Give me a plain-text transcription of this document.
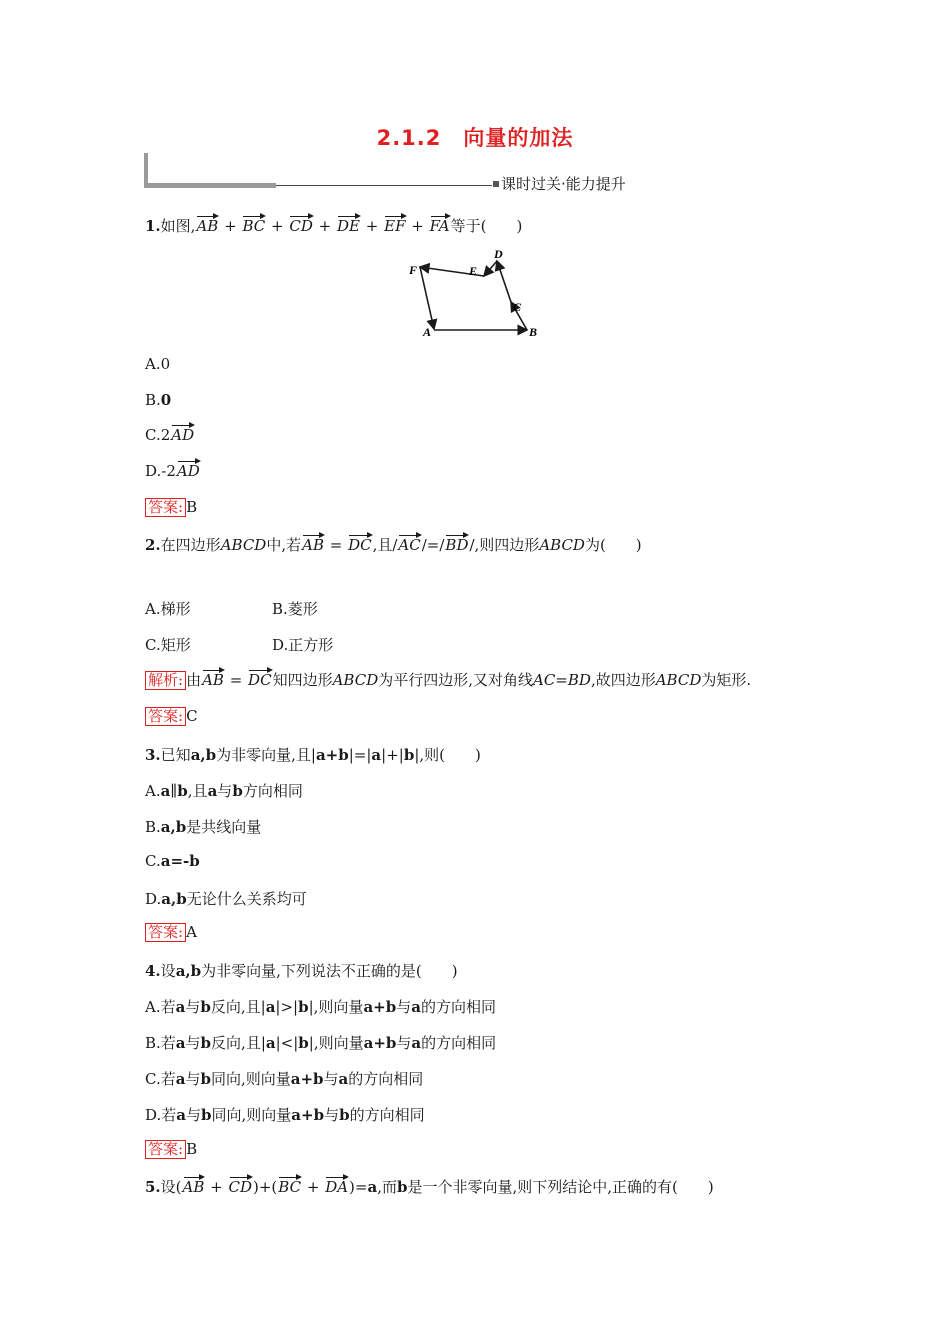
2.1.2　向量的加法
课时过关·能力提升
1.如图,AB + BC + CD + DE + EF + FA等于(　　)
F	E
D
C
B
A
A.0
B.0
C.2AD
D.-2AD
答案: B
2.在四边形ABCD中,若AB = DC,且/AC/=/BD/,则四边形ABCD为(　　)
A.梯形	B.菱形
C.矩形	D.正方形
解析: 由AB = DC知四边形ABCD为平行四边形,又对角线AC=BD,故四边形ABCD为矩形.
答案: C
3.已知a,b为非零向量,且|a+b|=|a|+|b|,则(　　)
A.a∥b,且a与b方向相同
B.a,b是共线向量
C.a=-b
D.a,b无论什么关系均可
答案: A
4.设a,b为非零向量,下列说法不正确的是(　　)
A.若a与b反向,且|a|>|b|,则向量a+b与a的方向相同
B.若a与b反向,且|a|<|b|,则向量a+b与a的方向相同
C.若a与b同向,则向量a+b与a的方向相同
D.若a与b同向,则向量a+b与b的方向相同
答案: B
5.设(AB + CD)+(BC + DA)=a,而b是一个非零向量,则下列结论中,正确的有(　　)
